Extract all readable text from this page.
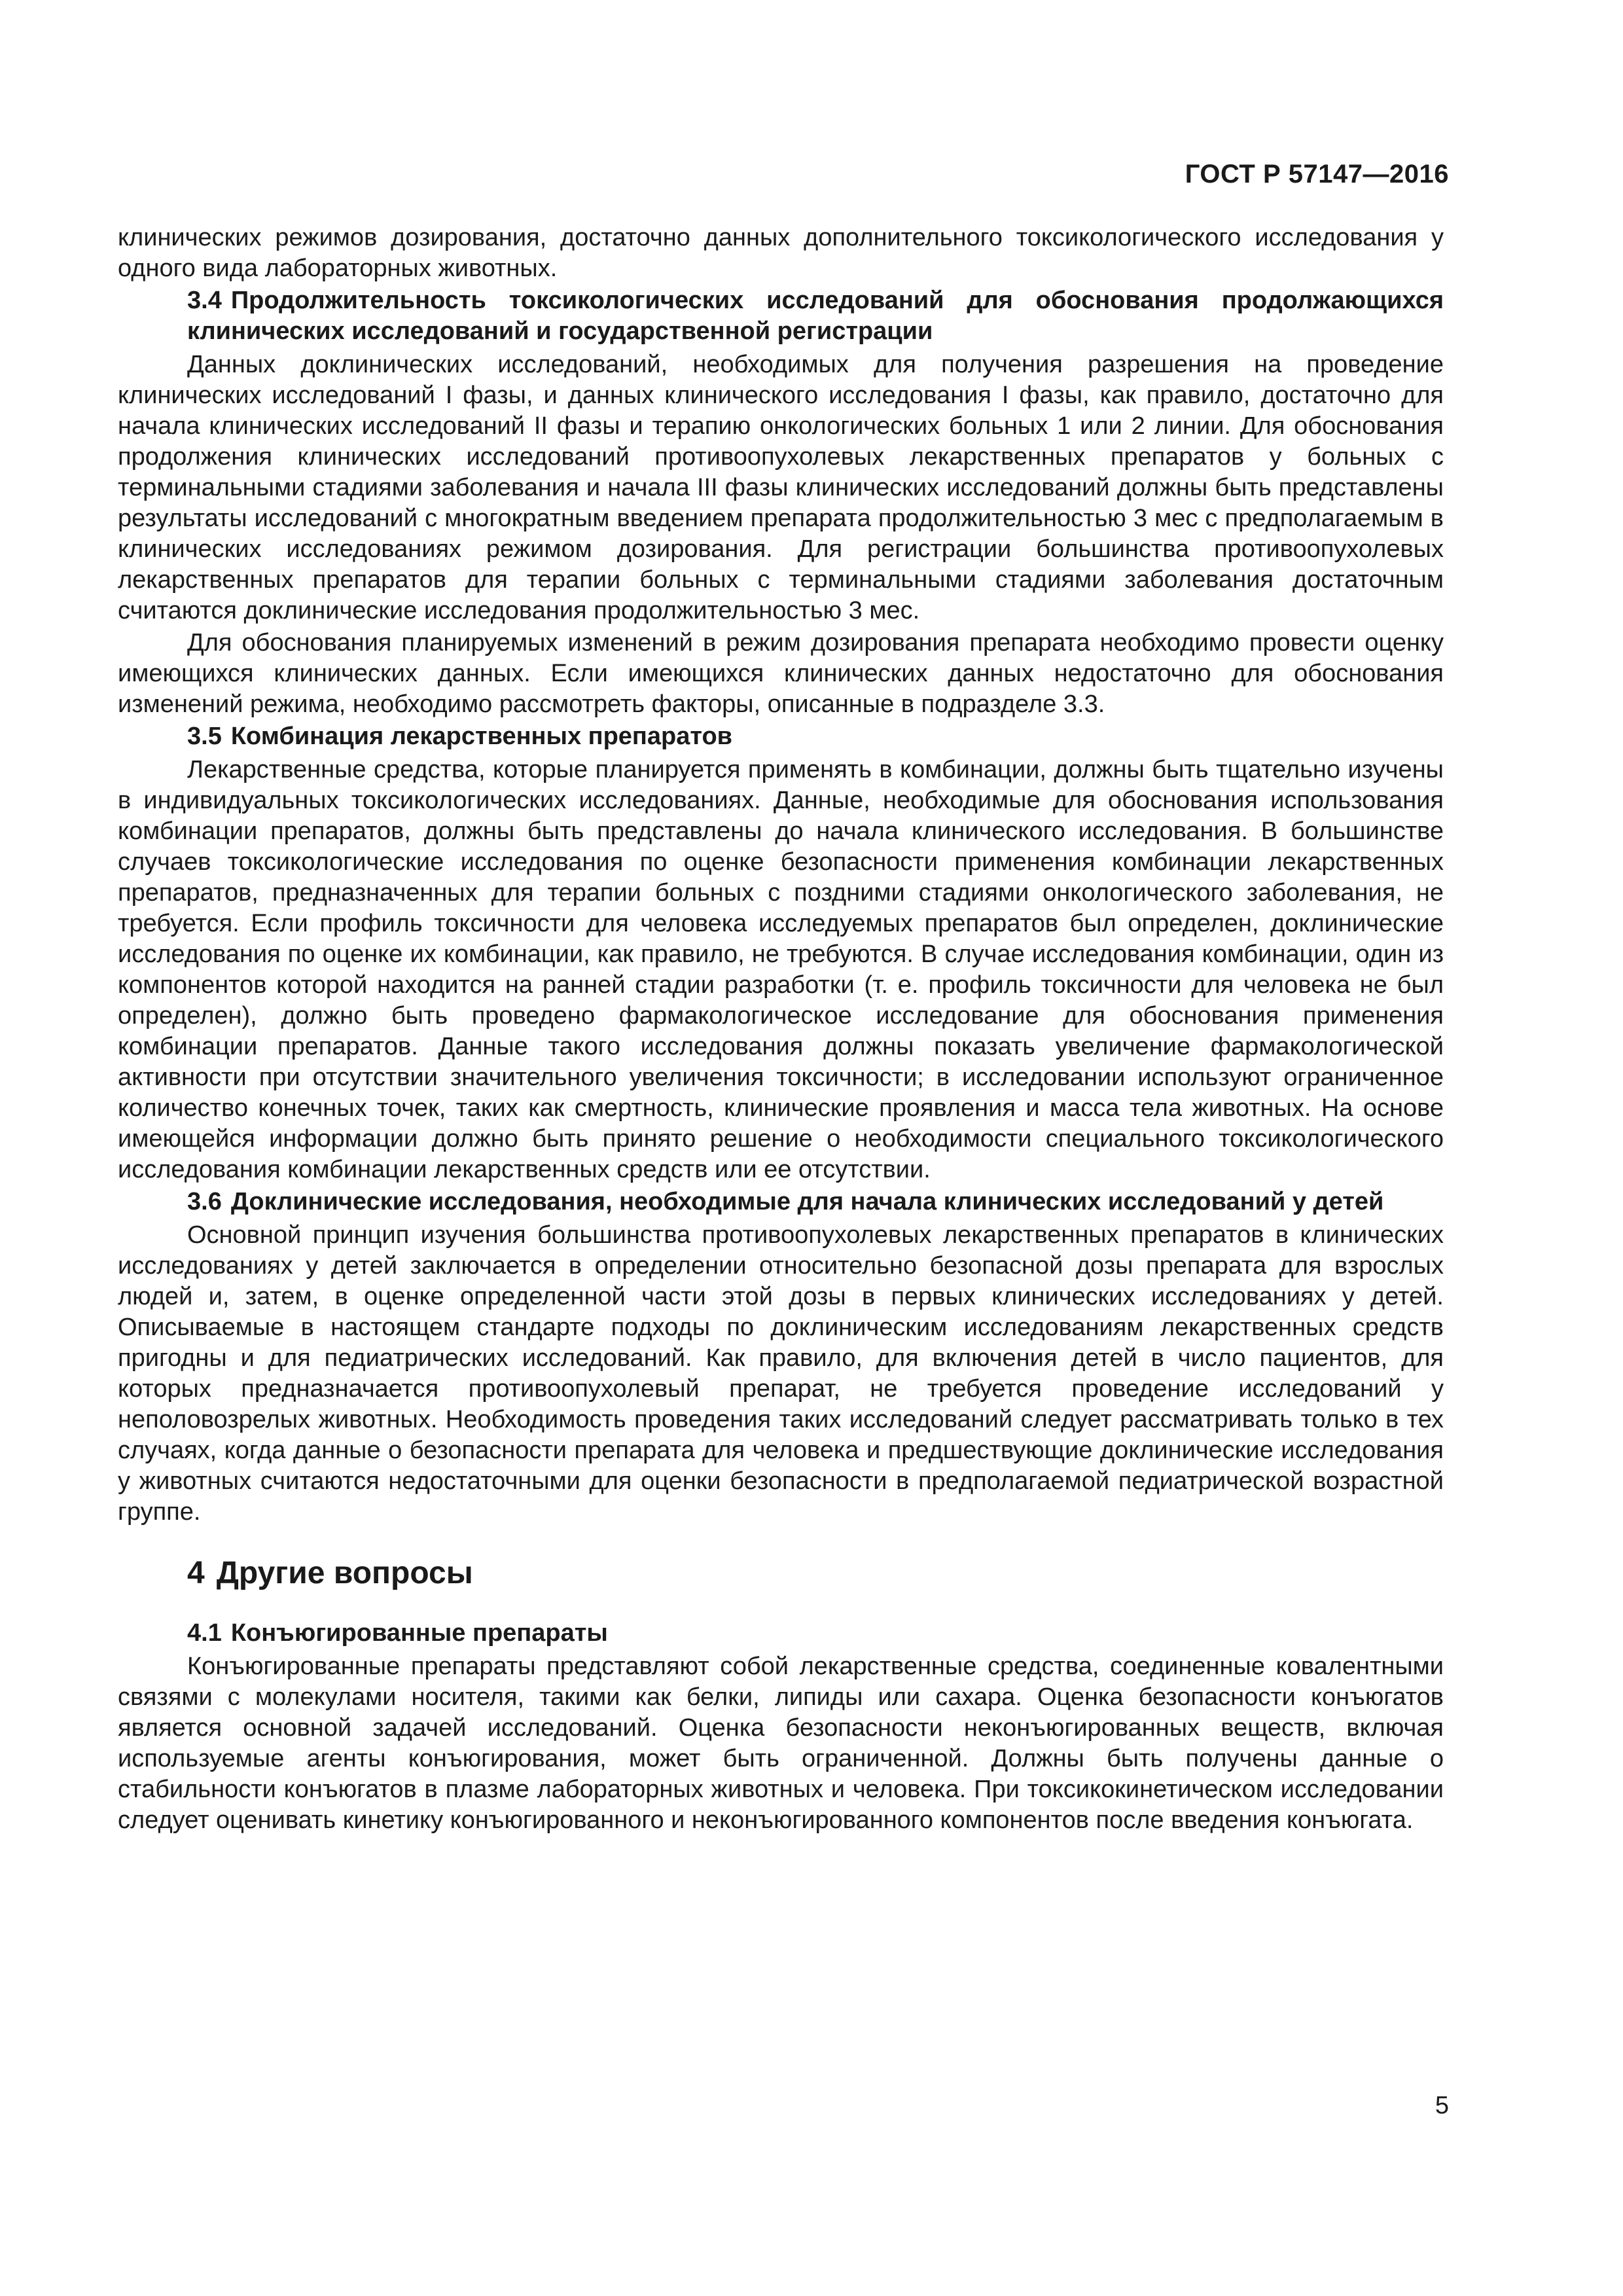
ГОСТ Р 57147—2016

клинических режимов дозирования, достаточно данных дополнительного токсикологического исследования у одного вида лабораторных животных.

3.4 Продолжительность токсикологических исследований для обоснования продолжающихся клинических исследований и государственной регистрации

Данных доклинических исследований, необходимых для получения разрешения на проведение клинических исследований I фазы, и данных клинического исследования I фазы, как правило, достаточно для начала клинических исследований II фазы и терапию онкологических больных 1 или 2 линии. Для обоснования продолжения клинических исследований противоопухолевых лекарственных препаратов у больных с терминальными стадиями заболевания и начала III фазы клинических исследований должны быть представлены результаты исследований с многократным введением препарата продолжительностью 3 мес с предполагаемым в клинических исследованиях режимом дозирования. Для регистрации большинства противоопухолевых лекарственных препаратов для терапии больных с терминальными стадиями заболевания достаточным считаются доклинические исследования продолжительностью 3 мес.

Для обоснования планируемых изменений в режим дозирования препарата необходимо провести оценку имеющихся клинических данных. Если имеющихся клинических данных недостаточно для обоснования изменений режима, необходимо рассмотреть факторы, описанные в подразделе 3.3.

3.5 Комбинация лекарственных препаратов

Лекарственные средства, которые планируется применять в комбинации, должны быть тщательно изучены в индивидуальных токсикологических исследованиях. Данные, необходимые для обоснования использования комбинации препаратов, должны быть представлены до начала клинического исследования. В большинстве случаев токсикологические исследования по оценке безопасности применения комбинации лекарственных препаратов, предназначенных для терапии больных с поздними стадиями онкологического заболевания, не требуется. Если профиль токсичности для человека исследуемых препаратов был определен, доклинические исследования по оценке их комбинации, как правило, не требуются. В случае исследования комбинации, один из компонентов которой находится на ранней стадии разработки (т. е. профиль токсичности для человека не был определен), должно быть проведено фармакологическое исследование для обоснования применения комбинации препаратов. Данные такого исследования должны показать увеличение фармакологической активности при отсутствии значительного увеличения токсичности; в исследовании используют ограниченное количество конечных точек, таких как смертность, клинические проявления и масса тела животных. На основе имеющейся информации должно быть принято решение о необходимости специального токсикологического исследования комбинации лекарственных средств или ее отсутствии.

3.6 Доклинические исследования, необходимые для начала клинических исследований у детей

Основной принцип изучения большинства противоопухолевых лекарственных препаратов в клинических исследованиях у детей заключается в определении относительно безопасной дозы препарата для взрослых людей и, затем, в оценке определенной части этой дозы в первых клинических исследованиях у детей. Описываемые в настоящем стандарте подходы по доклиническим исследованиям лекарственных средств пригодны и для педиатрических исследований. Как правило, для включения детей в число пациентов, для которых предназначается противоопухолевый препарат, не требуется проведение исследований у неполовозрелых животных. Необходимость проведения таких исследований следует рассматривать только в тех случаях, когда данные о безопасности препарата для человека и предшествующие доклинические исследования у животных считаются недостаточными для оценки безопасности в предполагаемой педиатрической возрастной группе.

4 Другие вопросы
4.1 Конъюгированные препараты

Конъюгированные препараты представляют собой лекарственные средства, соединенные ковалентными связями с молекулами носителя, такими как белки, липиды или сахара. Оценка безопасности конъюгатов является основной задачей исследований. Оценка безопасности неконъюгированных веществ, включая используемые агенты конъюгирования, может быть ограниченной. Должны быть получены данные о стабильности конъюгатов в плазме лабораторных животных и человека. При токсикокинетическом исследовании следует оценивать кинетику конъюгированного и неконъюгированного компонентов после введения конъюгата.

5
